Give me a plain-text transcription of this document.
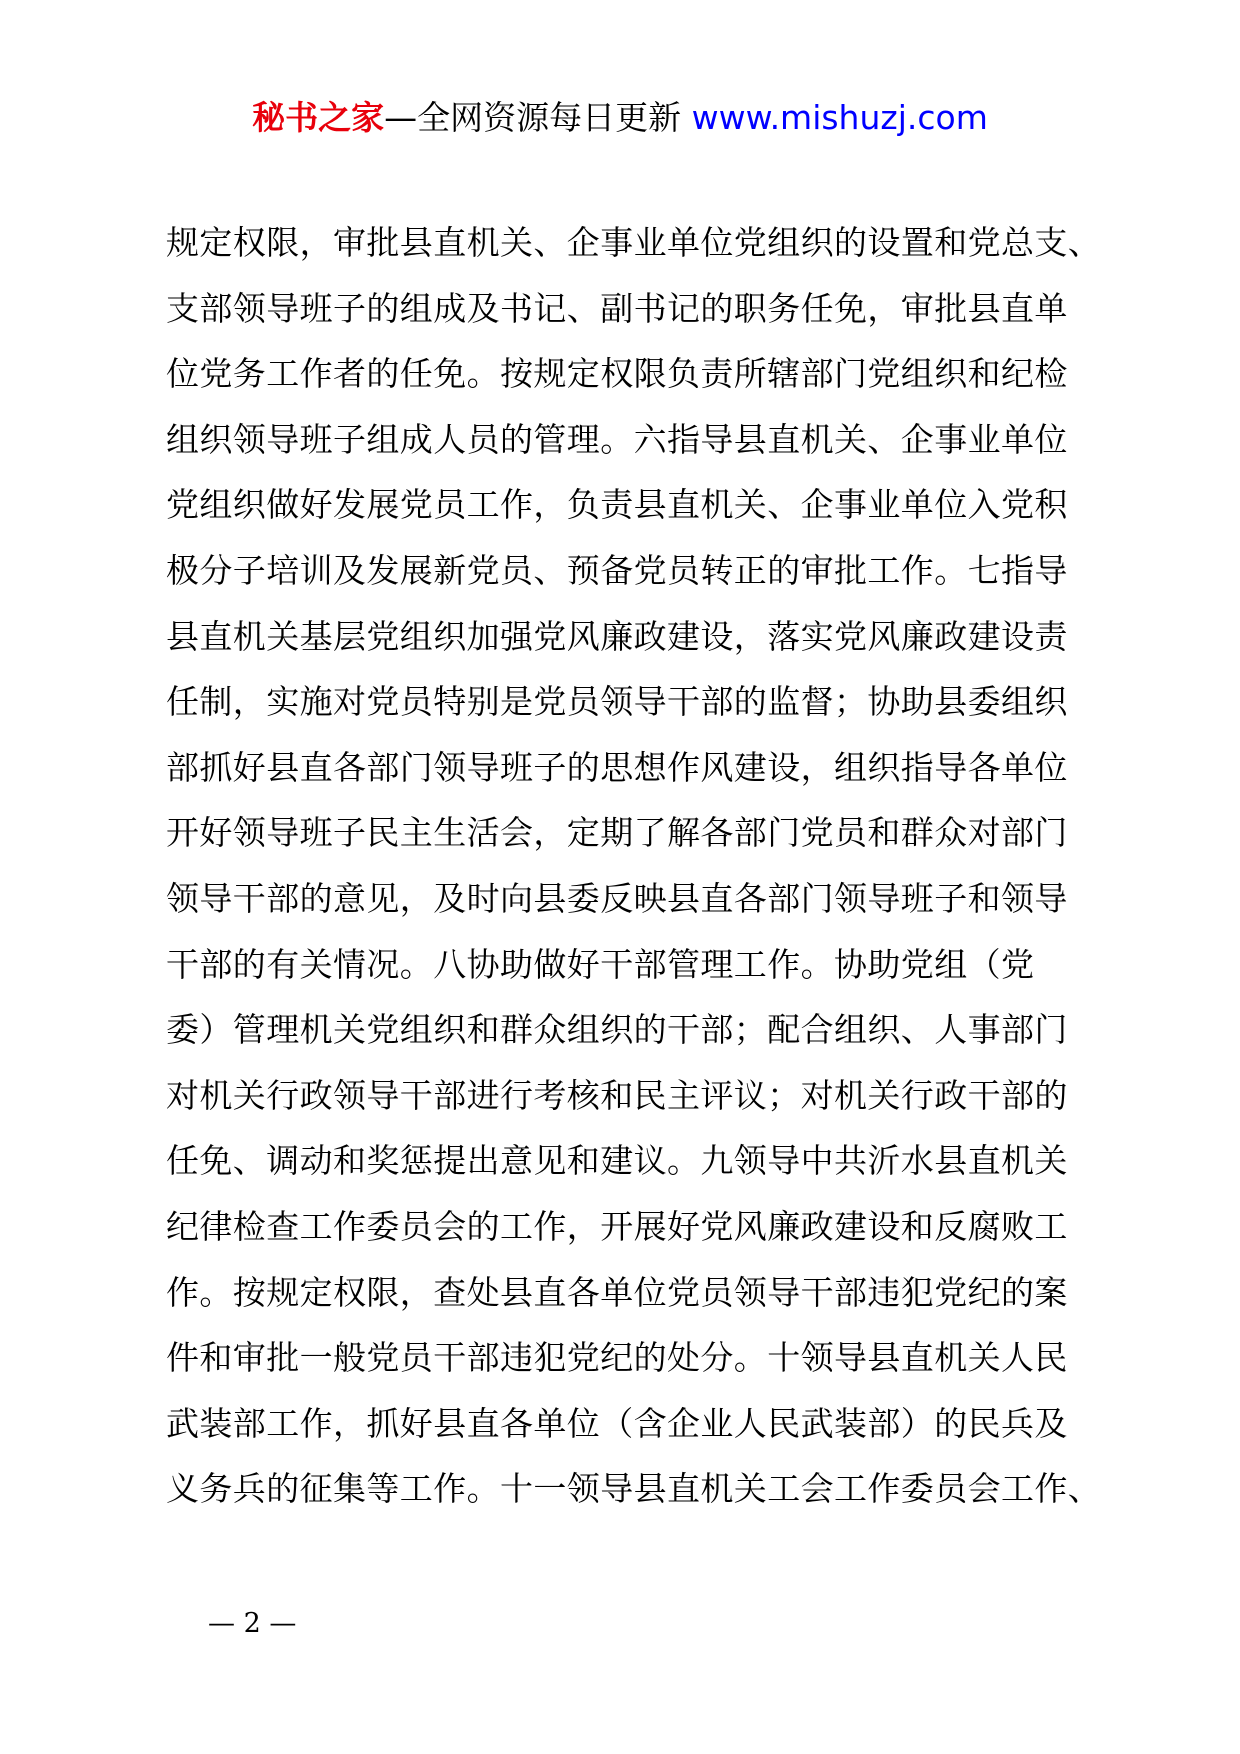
秘书之家—全网资源每日更新 www.mishuzj.com
规定权限，审批县直机关、企事业单位党组织的设置和党总支、
支部领导班子的组成及书记、副书记的职务任免，审批县直单
位党务工作者的任免。按规定权限负责所辖部门党组织和纪检
组织领导班子组成人员的管理。六指导县直机关、企事业单位
党组织做好发展党员工作，负责县直机关、企事业单位入党积
极分子培训及发展新党员、预备党员转正的审批工作。七指导
县直机关基层党组织加强党风廉政建设，落实党风廉政建设责
任制，实施对党员特别是党员领导干部的监督；协助县委组织
部抓好县直各部门领导班子的思想作风建设，组织指导各单位
开好领导班子民主生活会，定期了解各部门党员和群众对部门
领导干部的意见，及时向县委反映县直各部门领导班子和领导
干部的有关情况。八协助做好干部管理工作。协助党组（党
委）管理机关党组织和群众组织的干部；配合组织、人事部门
对机关行政领导干部进行考核和民主评议；对机关行政干部的
任免、调动和奖惩提出意见和建议。九领导中共沂水县直机关
纪律检查工作委员会的工作，开展好党风廉政建设和反腐败工
作。按规定权限，查处县直各单位党员领导干部违犯党纪的案
件和审批一般党员干部违犯党纪的处分。十领导县直机关人民
武装部工作，抓好县直各单位（含企业人民武装部）的民兵及
义务兵的征集等工作。十一领导县直机关工会工作委员会工作、
— 2 —
